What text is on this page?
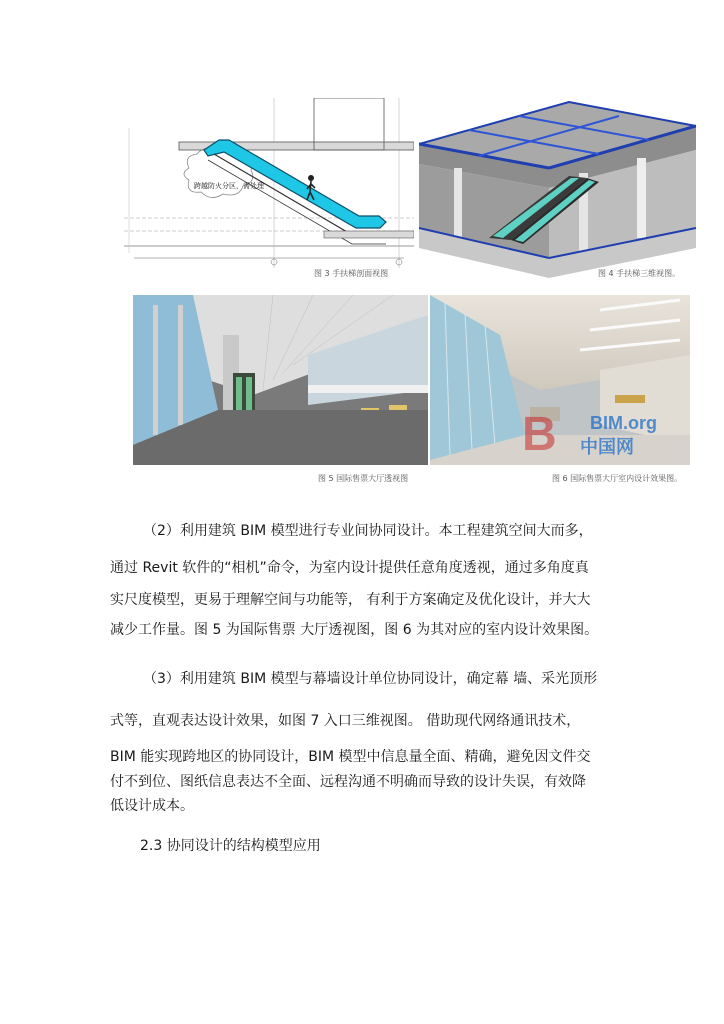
跨越防火分区，需处理
图 3 手扶梯剖面视图	图 4 手扶梯三维视图。
图 5 国际售票大厅透视图
B BIM.org
中国网
图 6 国际售票大厅室内设计效果图。
（2）利用建筑 BIM 模型进行专业间协同设计。本工程建筑空间大而多，
通过 Revit 软件的“相机”命令，为室内设计提供任意角度透视，通过多角度真
实尺度模型，更易于理解空间与功能等， 有利于方案确定及优化设计，并大大
减少工作量。图 5 为国际售票 大厅透视图，图 6 为其对应的室内设计效果图。
（3）利用建筑 BIM 模型与幕墙设计单位协同设计，确定幕 墙、采光顶形
式等，直观表达设计效果，如图 7 入口三维视图。 借助现代网络通讯技术，
BIM 能实现跨地区的协同设计，BIM 模型中信息量全面、精确，避免因文件交
付不到位、图纸信息表达不全面、远程沟通不明确而导致的设计失误，有效降
低设计成本。
2.3 协同设计的结构模型应用
